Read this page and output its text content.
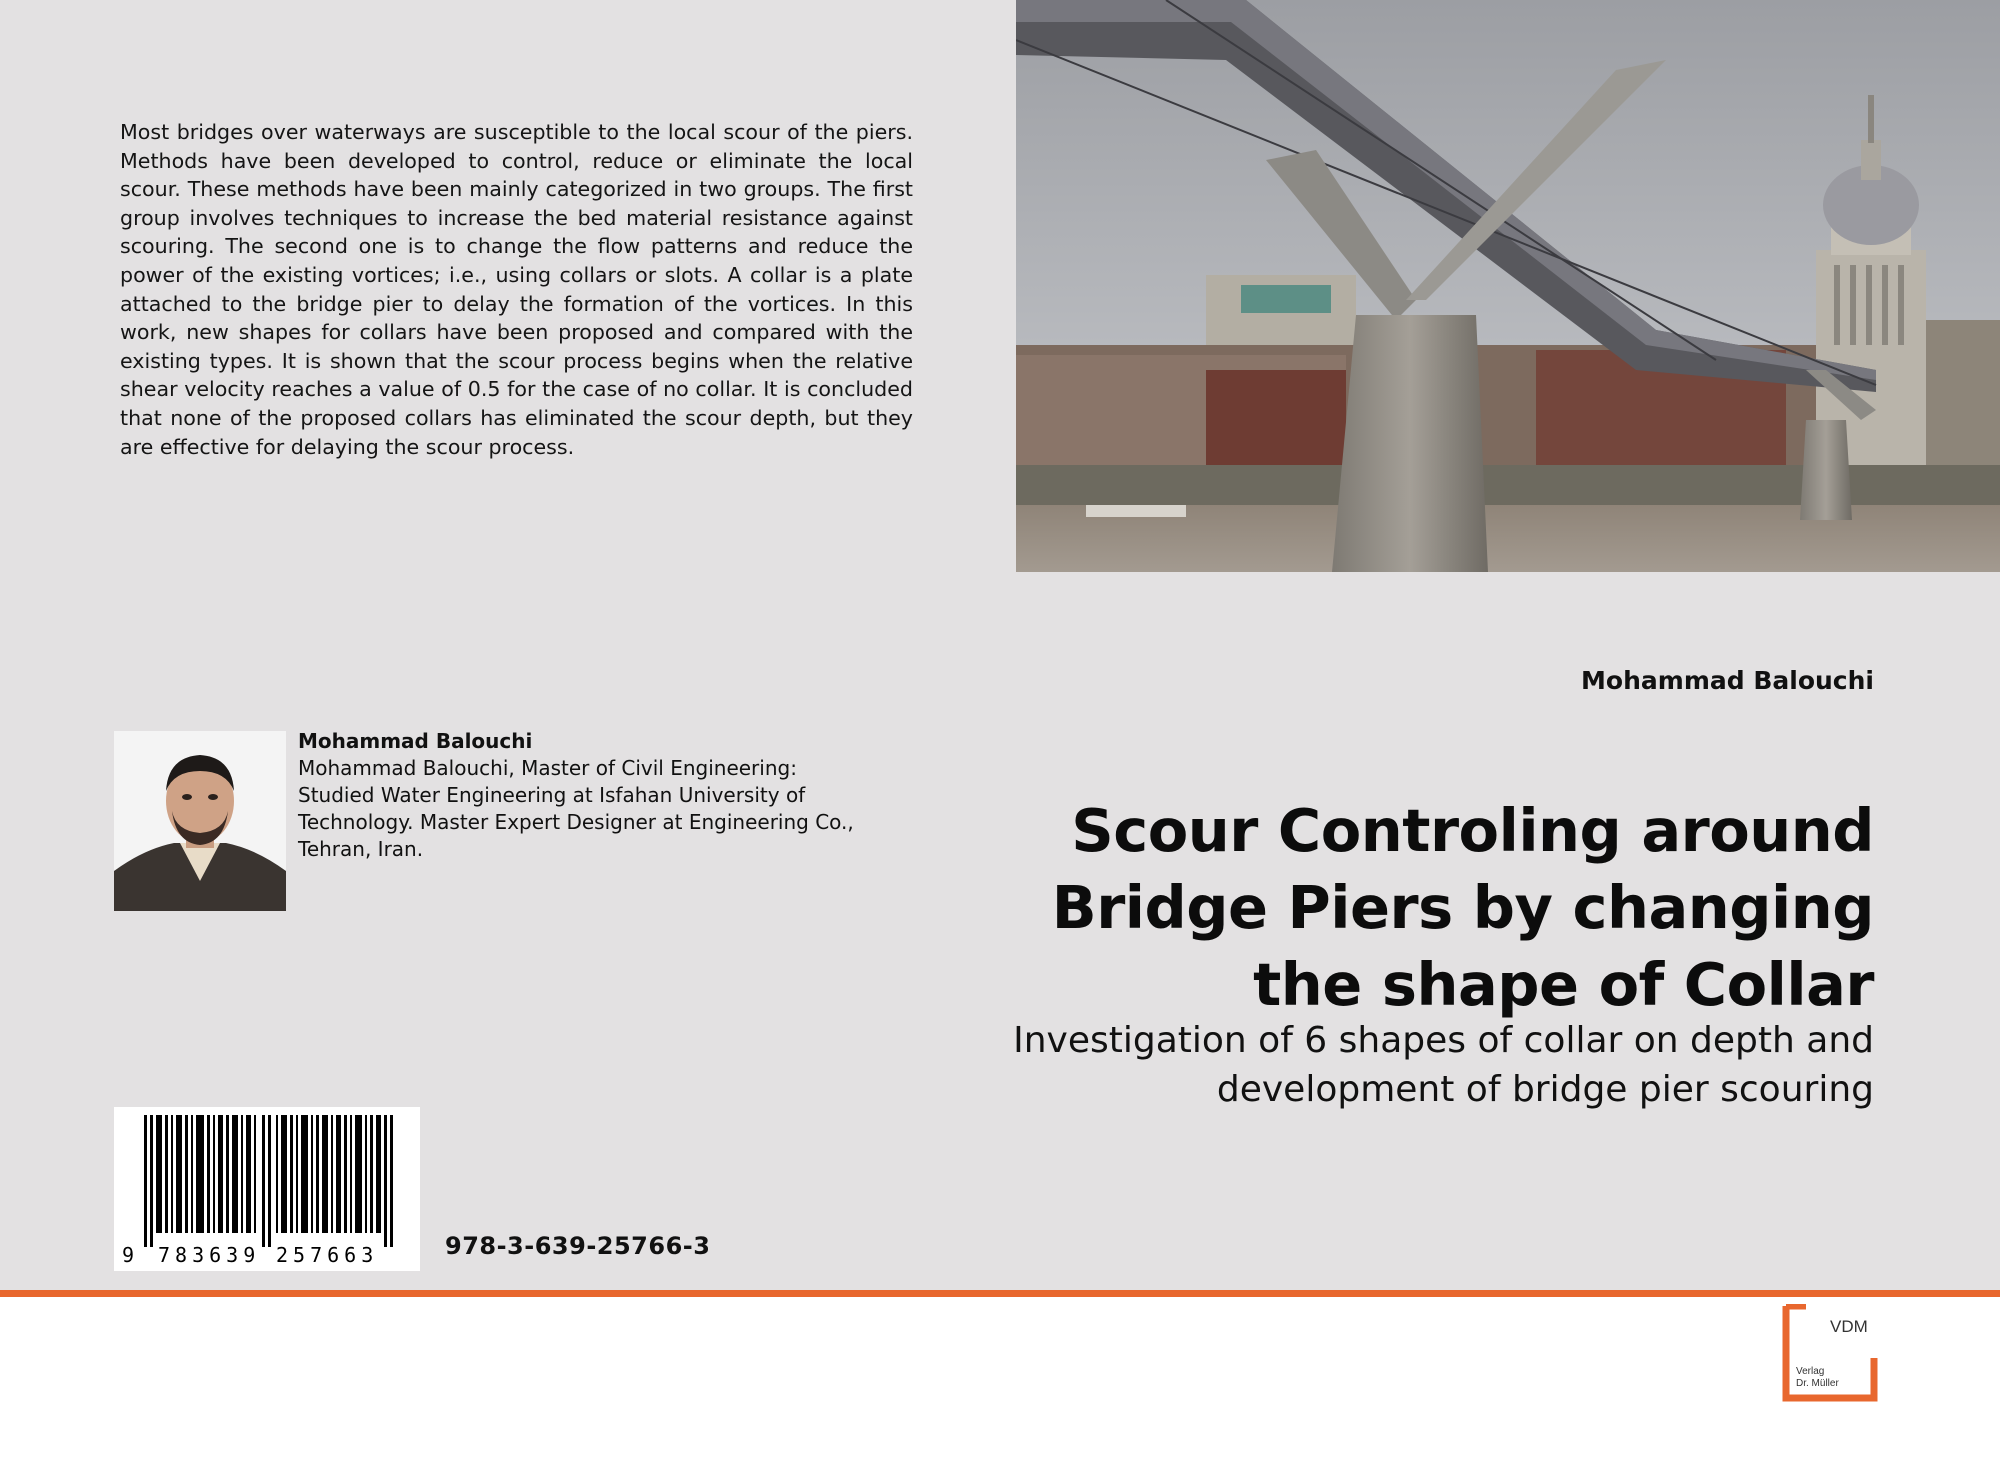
Most bridges over waterways are susceptible to the local scour of the piers. Methods have been developed to control, reduce or eliminate the local scour. These methods have been mainly categorized in two groups. The first group involves techniques to increase the bed material resistance against scouring. The second one is to change the flow patterns and reduce the power of the existing vortices; i.e., using collars or slots. A collar is a plate attached to the bridge pier to delay the formation of the vortices. In this work, new shapes for collars have been proposed and compared with the existing types. It is shown that the scour process begins when the relative shear velocity reaches a value of 0.5 for the case of no collar. It is concluded that none of the proposed collars has eliminated the scour depth, but they are effective for delaying the scour process.

Mohammad Balouchi

Mohammad Balouchi, Master of Civil Engineering: Studied Water Engineering at Isfahan University of Technology. Master Expert Designer at Engineering Co., Tehran, Iran.

9 783639 257663	978-3-639-25766-3
Mohammad Balouchi
Scour Controling around Bridge Piers by changing the shape of Collar

Investigation of 6 shapes of collar on depth and development of bridge pier scouring

VDM
Verlag
Dr. Müller
